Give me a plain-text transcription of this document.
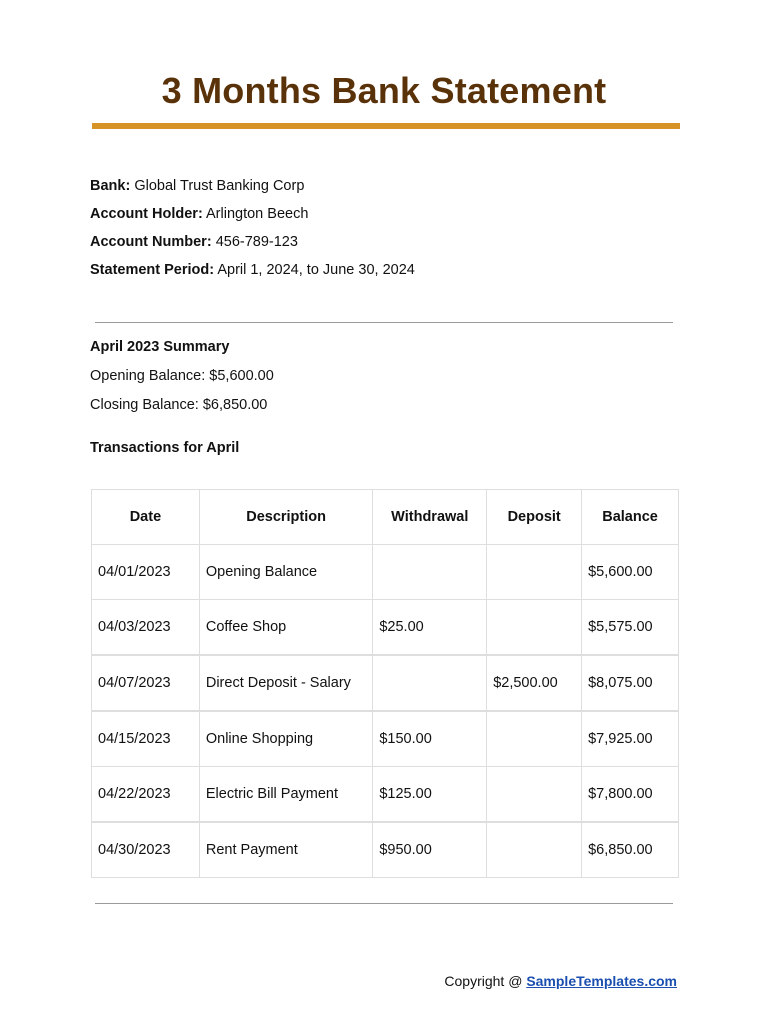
3 Months Bank Statement
Bank: Global Trust Banking Corp
Account Holder: Arlington Beech
Account Number: 456-789-123
Statement Period: April 1, 2024, to June 30, 2024
April 2023 Summary
Opening Balance: $5,600.00
Closing Balance: $6,850.00
Transactions for April
Date	Description	Withdrawal	Deposit	Balance
04/01/2023	Opening Balance			$5,600.00
04/03/2023	Coffee Shop	$25.00		$5,575.00
04/07/2023	Direct Deposit - Salary		$2,500.00	$8,075.00
04/15/2023	Online Shopping	$150.00		$7,925.00
04/22/2023	Electric Bill Payment	$125.00		$7,800.00
04/30/2023	Rent Payment	$950.00		$6,850.00
Copyright @ SampleTemplates.com
